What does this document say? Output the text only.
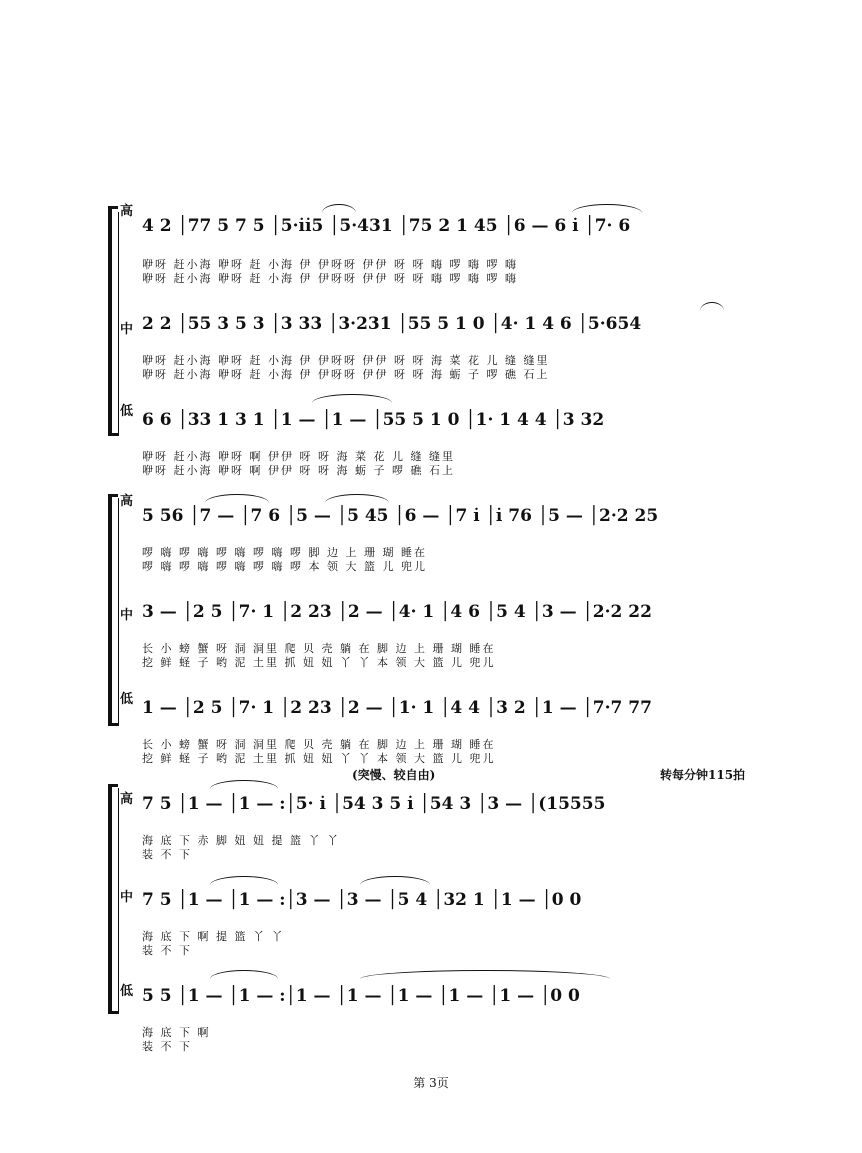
高
4 2 │77 5 7 5 │5·i̇i̇5 │5·431 │75 2 1 45 │6 — 6 i̇ │7· 6
咿呀 赶小海 咿呀 赶 小海 伊 伊呀呀 伊伊 呀 呀 嗨 啰 嗨 啰 嗨
咿呀 赶小海 咿呀 赶 小海 伊 伊呀呀 伊伊 呀 呀 嗨 啰 嗨 啰 嗨
中 2 2 │55 3 5 3 │3 33 │3·231 │55 5 1 0 │4· 1 4 6 │5·654
咿呀 赶小海 咿呀 赶 小海 伊 伊呀呀 伊伊 呀 呀 海 菜 花 儿 缝 缝里
咿呀 赶小海 咿呀 赶 小海 伊 伊呀呀 伊伊 呀 呀 海 蛎 子 啰 礁 石上
低 6 6 │33 1 3 1 │1 — │1 — │55 5 1 0 │1· 1 4 4 │3 32
咿呀 赶小海 咿呀 啊 伊伊 呀 呀 海 菜 花 儿 缝 缝里
咿呀 赶小海 咿呀 啊 伊伊 呀 呀 海 蛎 子 啰 礁 石上
高
5 56 │7 — │7 6 │5 — │5 45 │6 — │7 i̇ │i̇ 76 │5 — │2·2 25
啰 嗨 啰 嗨 啰 嗨 啰 嗨 啰 脚 边 上 珊 瑚 睡在
啰 嗨 啰 嗨 啰 嗨 啰 嗨 啰 本 领 大 篮 儿 兜儿
中 3 — │2 5 │7· 1 │2 23 │2 — │4· 1 │4 6 │5 4 │3 — │2·2 22
长 小 螃 蟹 呀 洞 洞里 爬 贝 壳 躺 在 脚 边 上 珊 瑚 睡在
挖 鲜 蛏 子 哟 泥 土里 抓 妞 妞 丫 丫 本 领 大 篮 儿 兜儿
低 1 — │2 5 │7· 1 │2 23 │2 — │1· 1 │4 4 │3 2 │1 — │7·7 77
长 小 螃 蟹 呀 洞 洞里 爬 贝 壳 躺 在 脚 边 上 珊 瑚 睡在
挖 鲜 蛏 子 哟 泥 土里 抓 妞 妞 丫 丫 本 领 大 篮 儿 兜儿
(突慢、较自由)	转每分钟115拍
高 7 5 │1 — │1 — :│5· i̇ │54 3 5 i̇ │54 3 │3 — │(15555
海 底 下 赤 脚 妞 妞 提 篮 丫 丫
装 不 下
中 7 5 │1 — │1 — :│3 — │3 — │5 4 │32 1 │1 — │0 0
海 底 下 啊 提 篮 丫 丫
装 不 下
低 5 5 │1 — │1 — :│1 — │1 — │1 — │1 — │1 — │0 0
海 底 下 啊
装 不 下
第 3页
